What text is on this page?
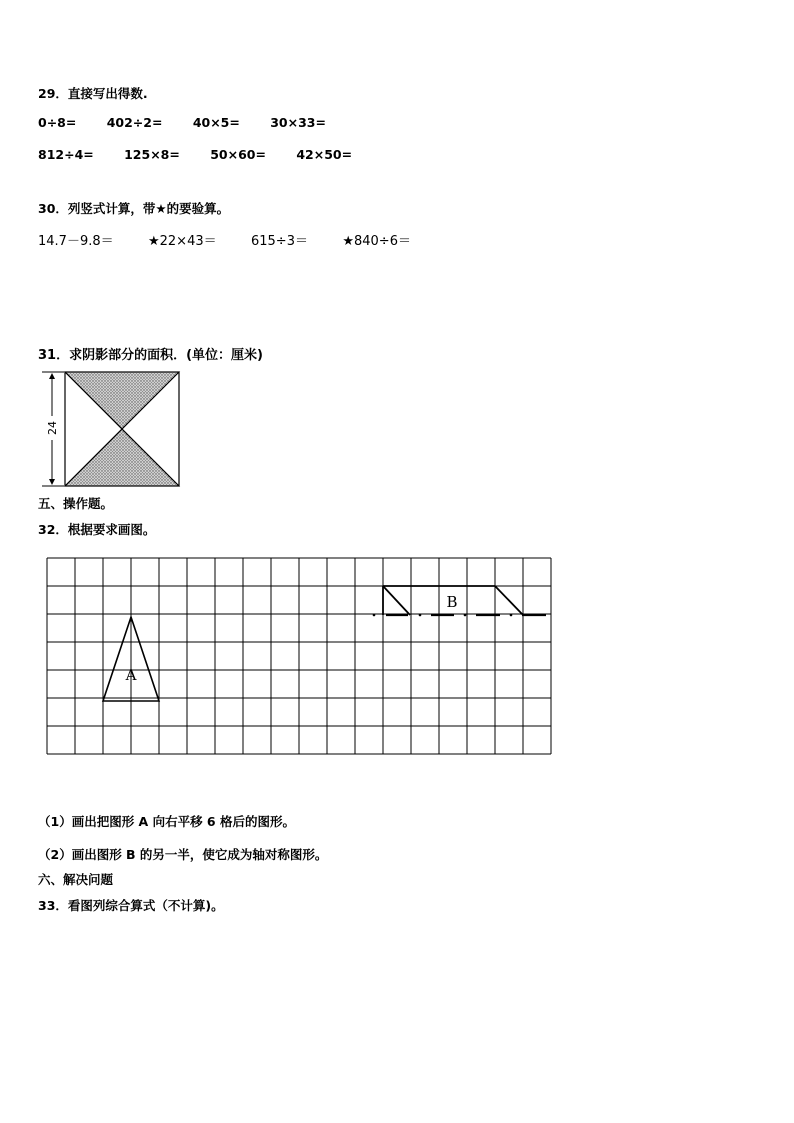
29．直接写出得数.
0÷8= 402÷2= 40×5= 30×33=
812÷4= 125×8= 50×60= 42×50=
30．列竖式计算，带★的要验算。
14.7－9.8＝	★22×43＝	615÷3＝	★840÷6＝
31．求阴影部分的面积．(单位：厘米)
24
五、操作题。
32．根据要求画图。
A
B
（1）画出把图形 A 向右平移 6 格后的图形。
（2）画出图形 B 的另一半，使它成为轴对称图形。
六、解决问题
33．看图列综合算式（不计算)。
